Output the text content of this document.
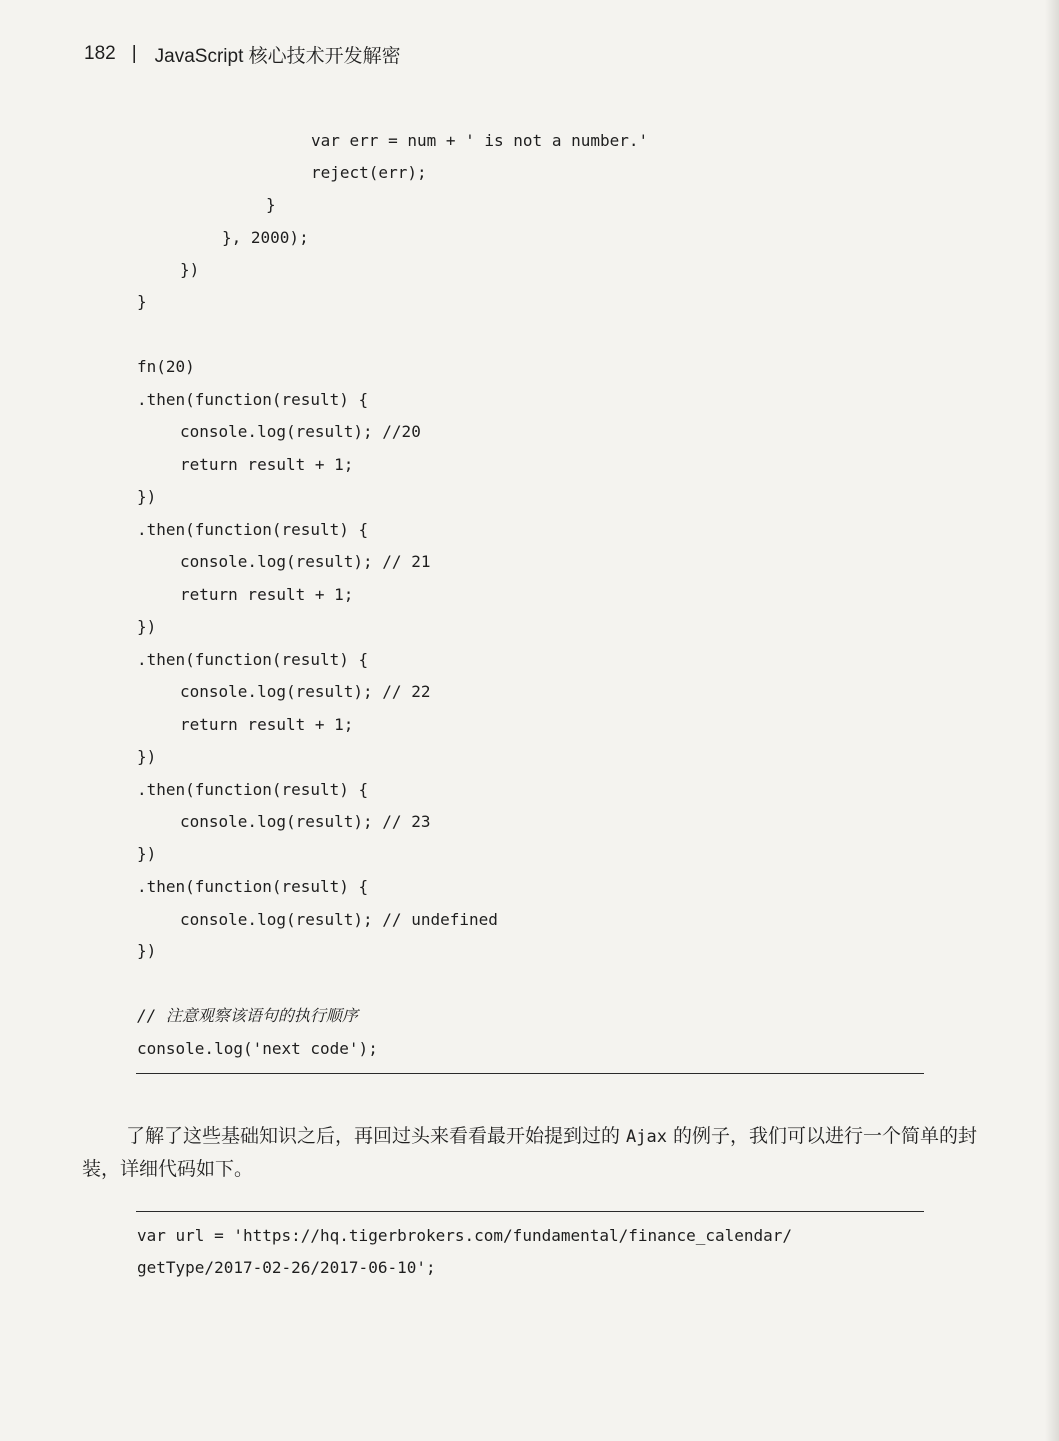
182 | JavaScript 核心技术开发解密
var err = num + ' is not a number.'
reject(err);
}
}, 2000);
})
}
fn(20)
.then(function(result) {
console.log(result); //20
return result + 1;
})
.then(function(result) {
console.log(result); // 21
return result + 1;
})
.then(function(result) {
console.log(result); // 22
return result + 1;
})
.then(function(result) {
console.log(result); // 23
})
.then(function(result) {
console.log(result); // undefined
})
// 注意观察该语句的执行顺序
console.log('next code');
了解了这些基础知识之后，再回过头来看看最开始提到过的 Ajax 的例子，我们可以进行一个简单的封装，详细代码如下。
var url = 'https://hq.tigerbrokers.com/fundamental/finance_calendar/
getType/2017-02-26/2017-06-10';
